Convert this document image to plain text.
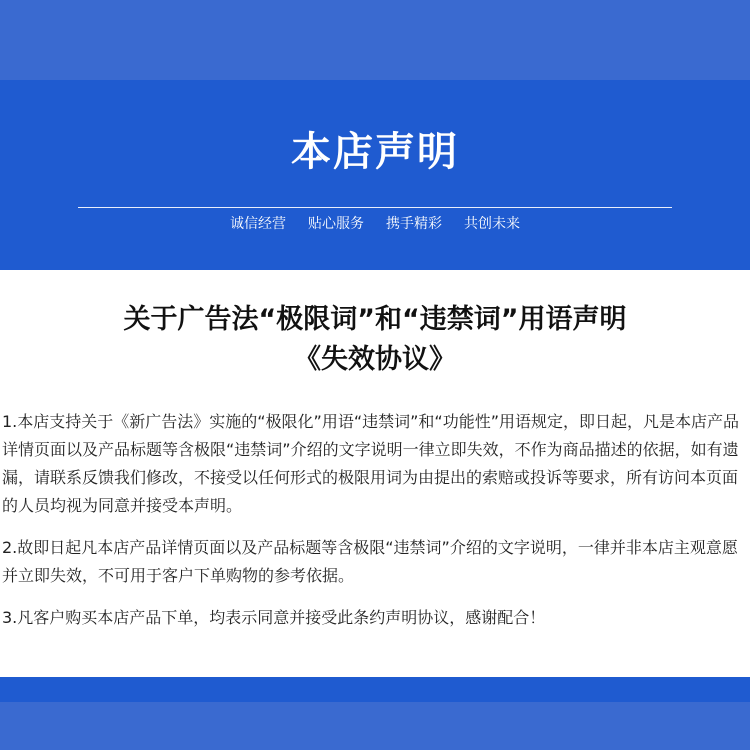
本店声明
诚信经营 贴心服务 携手精彩 共创未来
关于广告法“极限词”和“违禁词”用语声明
《失效协议》

1.本店支持关于《新广告法》实施的“极限化”用语“违禁词”和“功能性”用语规定，即日起，凡是本店产品详情页面以及产品标题等含极限“违禁词”介绍的文字说明一律立即失效，不作为商品描述的依据，如有遗漏，请联系反馈我们修改，不接受以任何形式的极限用词为由提出的索赔或投诉等要求，所有访问本页面的人员均视为同意并接受本声明。

2.故即日起凡本店产品详情页面以及产品标题等含极限“违禁词”介绍的文字说明，一律并非本店主观意愿并立即失效，不可用于客户下单购物的参考依据。

3.凡客户购买本店产品下单，均表示同意并接受此条约声明协议，感谢配合！
